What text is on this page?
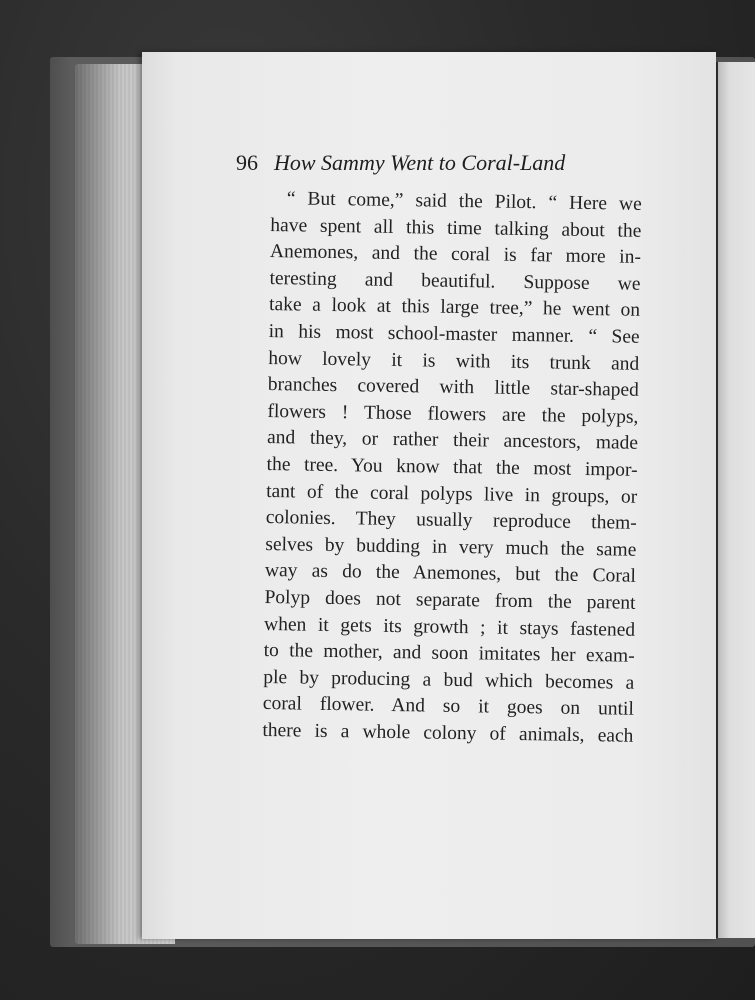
96 How Sammy Went to Coral-Land
“ But come,” said the Pilot. “ Here we
have spent all this time talking about the
Anemones, and the coral is far more in-
teresting and beautiful. Suppose we
take a look at this large tree,” he went on
in his most school-master manner. “ See
how lovely it is with its trunk and
branches covered with little star-shaped
flowers ! Those flowers are the polyps,
and they, or rather their ancestors, made
the tree. You know that the most impor-
tant of the coral polyps live in groups, or
colonies. They usually reproduce them-
selves by budding in very much the same
way as do the Anemones, but the Coral
Polyp does not separate from the parent
when it gets its growth ; it stays fastened
to the mother, and soon imitates her exam-
ple by producing a bud which becomes a
coral flower. And so it goes on until
there is a whole colony of animals, each
